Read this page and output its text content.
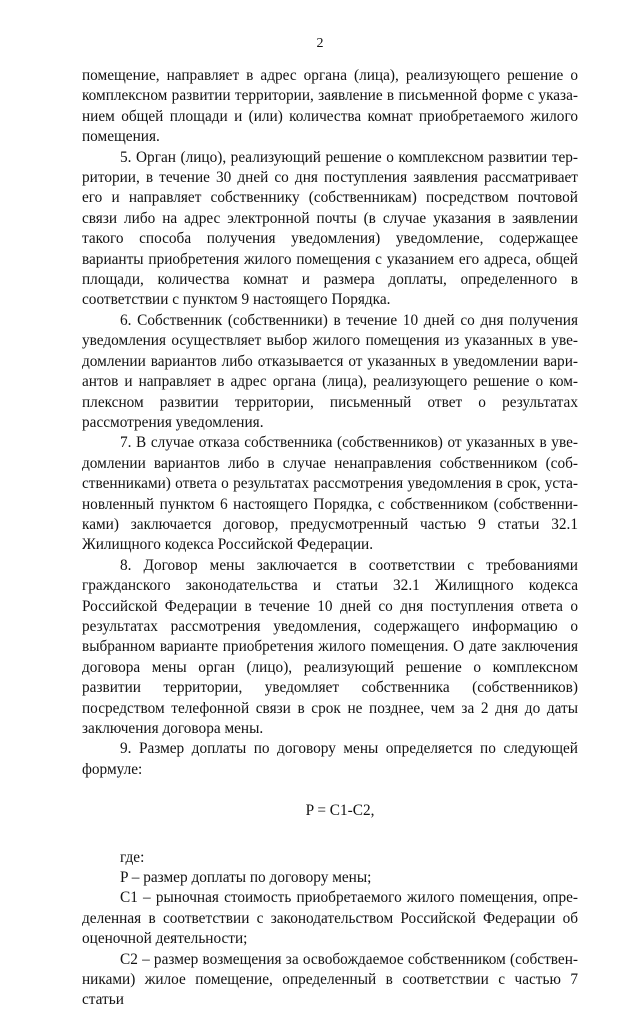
2

помещение, направляет в адрес органа (лица), реализующего решение о комплексном развитии территории, заявление в письменной форме с указанием общей площади и (или) количества комнат приобретаемого жилого помещения.

5. Орган (лицо), реализующий решение о комплексном развитии территории, в течение 30 дней со дня поступления заявления рассматривает его и направляет собственнику (собственникам) посредством почтовой связи либо на адрес электронной почты (в случае указания в заявлении такого способа получения уведомления) уведомление, содержащее варианты приобретения жилого помещения с указанием его адреса, общей площади, количества комнат и размера доплаты, определенного в соответствии с пунктом 9 настоящего Порядка.

6. Собственник (собственники) в течение 10 дней со дня получения уведомления осуществляет выбор жилого помещения из указанных в уведомлении вариантов либо отказывается от указанных в уведомлении вариантов и направляет в адрес органа (лица), реализующего решение о комплексном развитии территории, письменный ответ о результатах рассмотрения уведомления.

7. В случае отказа собственника (собственников) от указанных в уведомлении вариантов либо в случае ненаправления собственником (собственниками) ответа о результатах рассмотрения уведомления в срок, установленный пунктом 6 настоящего Порядка, с собственником (собственниками) заключается договор, предусмотренный частью 9 статьи 32.1 Жилищного кодекса Российской Федерации.

8. Договор мены заключается в соответствии с требованиями гражданского законодательства и статьи 32.1 Жилищного кодекса Российской Федерации в течение 10 дней со дня поступления ответа о результатах рассмотрения уведомления, содержащего информацию о выбранном варианте приобретения жилого помещения. О дате заключения договора мены орган (лицо), реализующий решение о комплексном развитии территории, уведомляет собственника (собственников) посредством телефонной связи в срок не позднее, чем за 2 дня до даты заключения договора мены.

9. Размер доплаты по договору мены определяется по следующей формуле:

P = C1-C2,

где:

P – размер доплаты по договору мены;

C1 – рыночная стоимость приобретаемого жилого помещения, определенная в соответствии с законодательством Российской Федерации об оценочной деятельности;

C2 – размер возмещения за освобождаемое собственником (собственниками) жилое помещение, определенный в соответствии с частью 7 статьи
